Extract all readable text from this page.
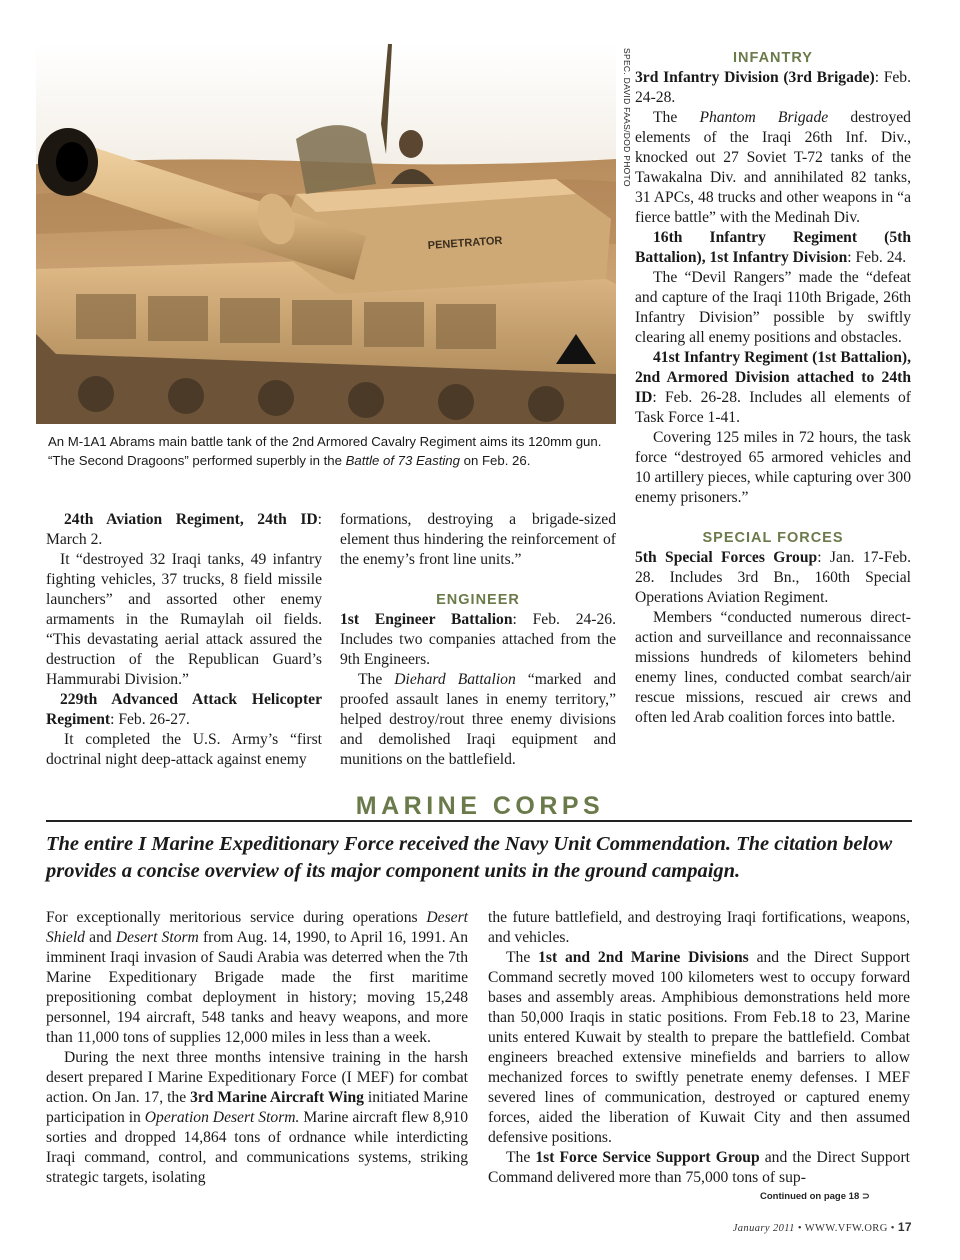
PENETRATOR
SPEC. DAVID FAAS/DOD PHOTO
An M-1A1 Abrams main battle tank of the 2nd Armored Cavalry Regiment aims its 120mm gun. “The Second Dragoons” performed superbly in the Battle of 73 Easting on Feb. 26.

24th Aviation Regiment, 24th ID: March 2.

It “destroyed 32 Iraqi tanks, 49 infantry fighting vehicles, 37 trucks, 8 field missile launchers” and assorted other enemy armaments in the Rumaylah oil fields. “This devastating aerial attack assured the destruction of the Republican Guard’s Hammurabi Division.”

229th Advanced Attack Helicopter Regiment: Feb. 26-27.

It completed the U.S. Army’s “first doctrinal night deep-attack against enemy

formations, destroying a brigade-sized element thus hindering the reinforcement of the enemy’s front line units.”

ENGINEER

1st Engineer Battalion: Feb. 24-26. Includes two companies attached from the 9th Engineers.

The Diehard Battalion “marked and proofed assault lanes in enemy territory,” helped destroy/rout three enemy divisions and demolished Iraqi equipment and munitions on the battlefield.

INFANTRY

3rd Infantry Division (3rd Brigade): Feb. 24-28.

The Phantom Brigade destroyed elements of the Iraqi 26th Inf. Div., knocked out 27 Soviet T-72 tanks of the Tawakalna Div. and annihilated 82 tanks, 31 APCs, 48 trucks and other weapons in “a fierce battle” with the Medinah Div.

16th Infantry Regiment (5th Battalion), 1st Infantry Division: Feb. 24.

The “Devil Rangers” made the “defeat and capture of the Iraqi 110th Brigade, 26th Infantry Division” possible by swiftly clearing all enemy positions and obstacles.

41st Infantry Regiment (1st Battalion), 2nd Armored Division attached to 24th ID: Feb. 26-28. Includes all elements of Task Force 1-41.

Covering 125 miles in 72 hours, the task force “destroyed 65 armored vehicles and 10 artillery pieces, while capturing over 300 enemy prisoners.”

SPECIAL FORCES

5th Special Forces Group: Jan. 17-Feb. 28. Includes 3rd Bn., 160th Special Operations Aviation Regiment.

Members “conducted numerous direct-action and surveillance and reconnaissance missions hundreds of kilometers behind enemy lines, conducted combat search/air rescue missions, rescued air crews and often led Arab coalition forces into battle.

MARINE CORPS
The entire I Marine Expeditionary Force received the Navy Unit Commendation. The citation below provides a concise overview of its major component units in the ground campaign.

For exceptionally meritorious service during operations Desert Shield and Desert Storm from Aug. 14, 1990, to April 16, 1991. An imminent Iraqi invasion of Saudi Arabia was deterred when the 7th Marine Expeditionary Brigade made the first maritime prepositioning combat deployment in history; moving 15,248 personnel, 194 aircraft, 548 tanks and heavy weapons, and more than 11,000 tons of supplies 12,000 miles in less than a week.

During the next three months intensive training in the harsh desert prepared I Marine Expeditionary Force (I MEF) for combat action. On Jan. 17, the 3rd Marine Aircraft Wing initiated Marine participation in Operation Desert Storm. Marine aircraft flew 8,910 sorties and dropped 14,864 tons of ordnance while interdicting Iraqi command, control, and communications systems, striking strategic targets, isolating

the future battlefield, and destroying Iraqi fortifications, weapons, and vehicles.

The 1st and 2nd Marine Divisions and the Direct Support Command secretly moved 100 kilometers west to occupy forward bases and assembly areas. Amphibious demonstrations held more than 50,000 Iraqis in static positions. From Feb.18 to 23, Marine units entered Kuwait by stealth to prepare the battlefield. Combat engineers breached extensive minefields and barriers to allow mechanized forces to swiftly penetrate enemy defenses. I MEF severed lines of communication, destroyed or captured enemy forces, aided the liberation of Kuwait City and then assumed defensive positions.

The 1st Force Service Support Group and the Direct Support Command delivered more than 75,000 tons of sup-

Continued on page 18 ⊃
January 2011 • WWW.VFW.ORG • 17
